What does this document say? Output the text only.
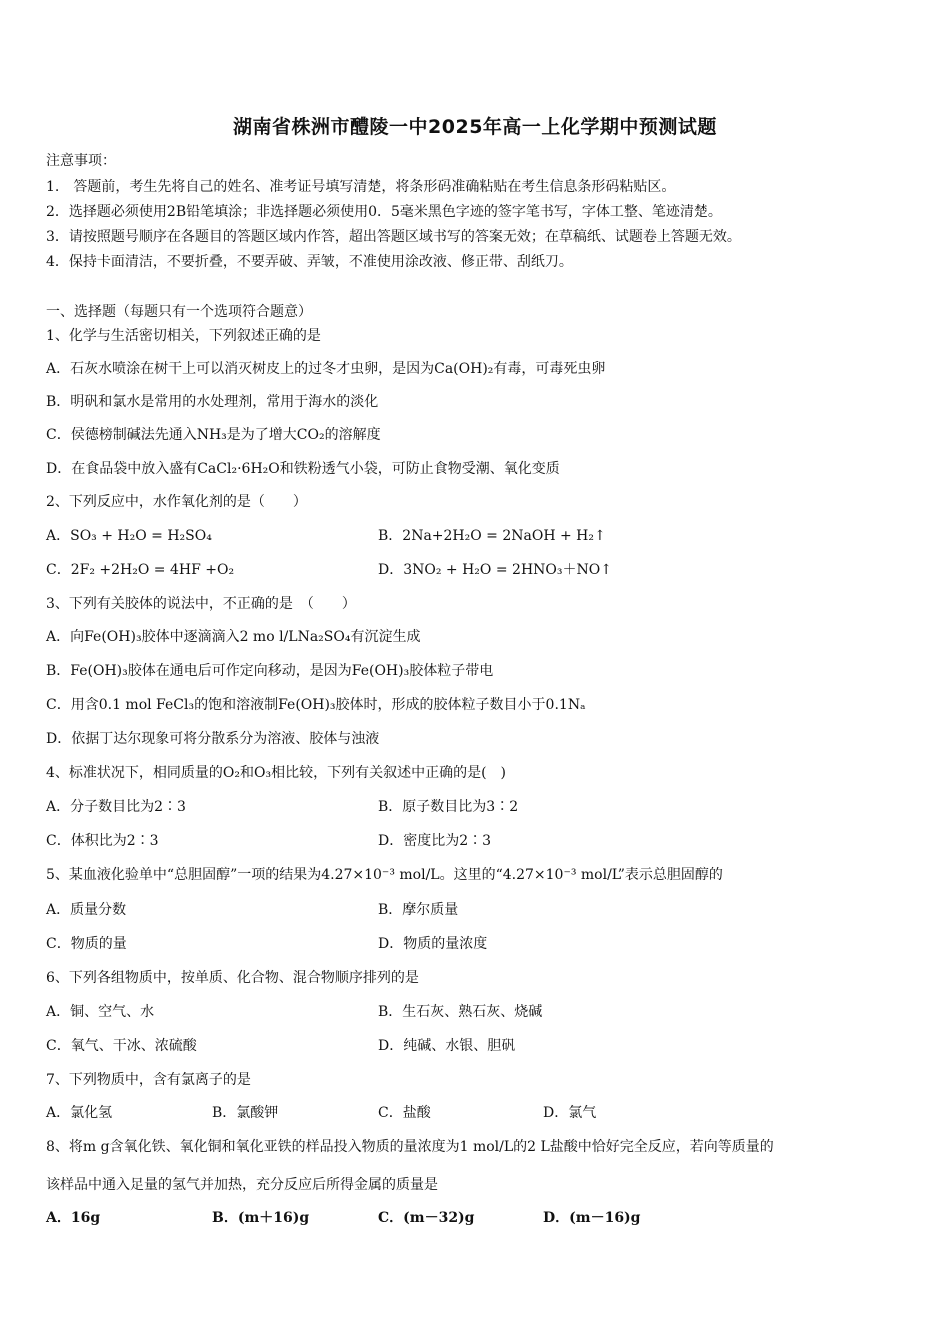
湖南省株洲市醴陵一中2025年高一上化学期中预测试题
注意事项：
1.　答题前，考生先将自己的姓名、准考证号填写清楚，将条形码准确粘贴在考生信息条形码粘贴区。
2．选择题必须使用2B铅笔填涂；非选择题必须使用0．5毫米黑色字迹的签字笔书写，字体工整、笔迹清楚。
3．请按照题号顺序在各题目的答题区域内作答，超出答题区域书写的答案无效；在草稿纸、试题卷上答题无效。
4．保持卡面清洁，不要折叠，不要弄破、弄皱，不准使用涂改液、修正带、刮纸刀。
一、选择题（每题只有一个选项符合题意）
1、化学与生活密切相关，下列叙述正确的是
A．石灰水喷涂在树干上可以消灭树皮上的过冬才虫卵，是因为Ca(OH)₂有毒，可毒死虫卵
B．明矾和氯水是常用的水处理剂，常用于海水的淡化
C．侯德榜制碱法先通入NH₃是为了增大CO₂的溶解度
D．在食品袋中放入盛有CaCl₂·6H₂O和铁粉透气小袋，可防止食物受潮、氧化变质
2、下列反应中，水作氧化剂的是（　　）
A．SO₃ + H₂O = H₂SO₄	B．2Na+2H₂O = 2NaOH + H₂↑
C．2F₂ +2H₂O = 4HF +O₂	D．3NO₂ + H₂O = 2HNO₃＋NO↑
3、下列有关胶体的说法中，不正确的是　（　　）
A．向Fe(OH)₃胶体中逐滴滴入2 mo l/LNa₂SO₄有沉淀生成
B．Fe(OH)₃胶体在通电后可作定向移动，是因为Fe(OH)₃胶体粒子带电
C．用含0.1 mol FeCl₃的饱和溶液制Fe(OH)₃胶体时，形成的胶体粒子数目小于0.1Nₐ
D．依据丁达尔现象可将分散系分为溶液、胶体与浊液
4、标准状况下，相同质量的O₂和O₃相比较，下列有关叙述中正确的是(　)
A．分子数目比为2∶3	B．原子数目比为3∶2
C．体积比为2∶3	D．密度比为2∶3
5、某血液化验单中“总胆固醇”一项的结果为4.27×10⁻³ mol/L。这里的“4.27×10⁻³ mol/L”表示总胆固醇的
A．质量分数	B．摩尔质量
C．物质的量	D．物质的量浓度
6、下列各组物质中，按单质、化合物、混合物顺序排列的是
A．铜、空气、水	B．生石灰、熟石灰、烧碱
C．氧气、干冰、浓硫酸	D．纯碱、水银、胆矾
7、下列物质中，含有氯离子的是
A．氯化氢	B．氯酸钾	C．盐酸	D．氯气
8、将m g含氧化铁、氧化铜和氧化亚铁的样品投入物质的量浓度为1 mol/L的2 L盐酸中恰好完全反应，若向等质量的
该样品中通入足量的氢气并加热，充分反应后所得金属的质量是
A．16g	B．(m＋16)g	C．(m－32)g	D．(m－16)g
